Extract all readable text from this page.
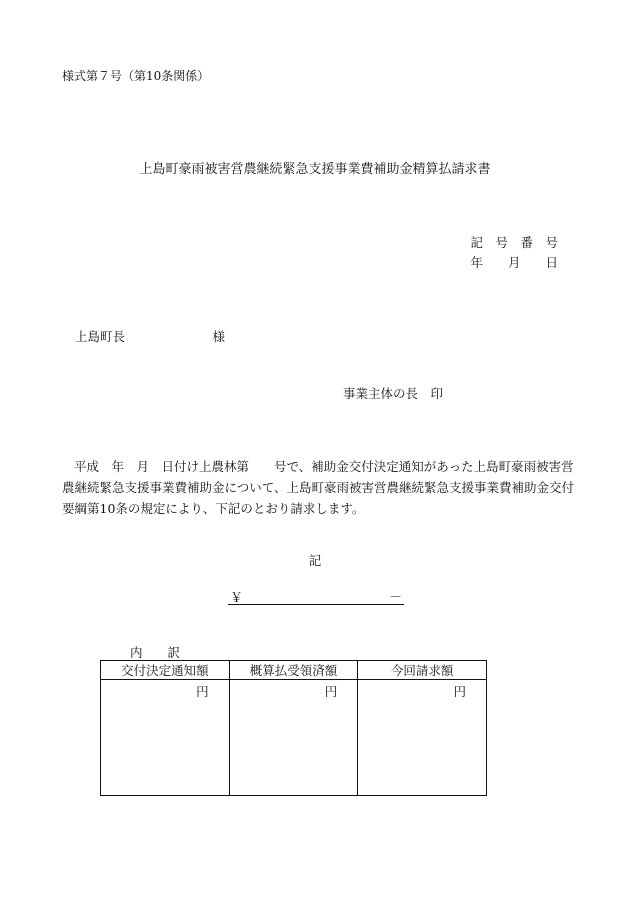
様式第７号（第10条関係）
上島町豪雨被害営農継続緊急支援事業費補助金精算払請求書
記　号　番　号
年　　月　　日
上島町長　　　　　　　様
事業主体の長　印
平成　年　月　日付け上農林第　　号で、補助金交付決定通知があった上島町豪雨被害営農継続緊急支援事業費補助金について、上島町豪雨被害営農継続緊急支援事業費補助金交付要綱第10条の規定により、下記のとおり請求します。
記
￥	－
内　　訳
交付決定通知額	概算払受領済額	今回請求額
円	円	円
